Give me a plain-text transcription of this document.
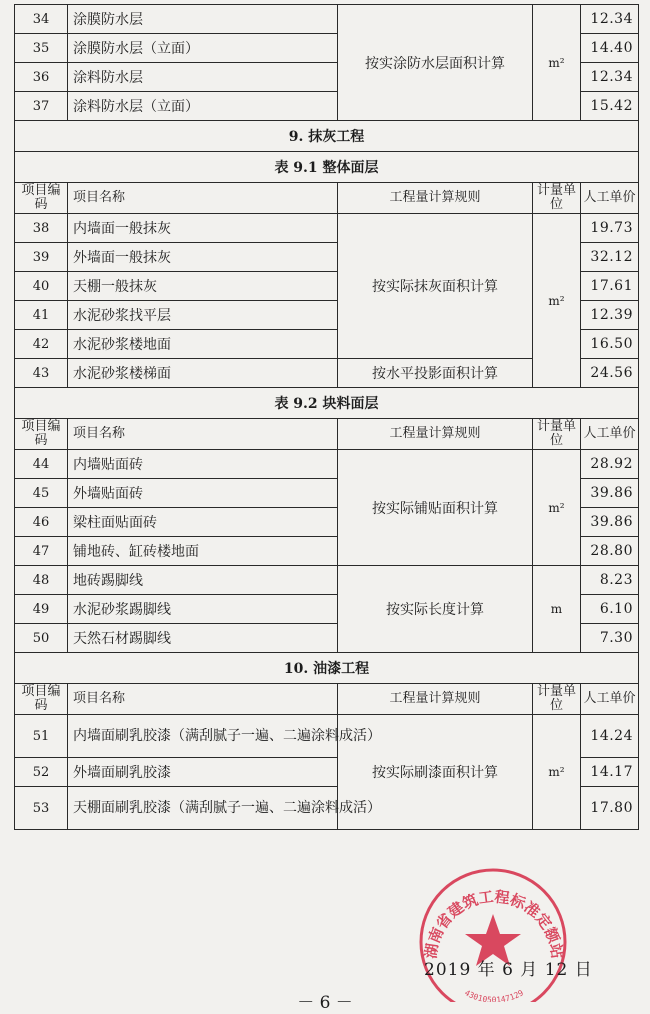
34	涂膜防水层	按实涂防水层面积计算	m²	12.34
35	涂膜防水层（立面）			14.40
36	涂料防水层			12.34
37	涂料防水层（立面）			15.42
9. 抹灰工程				
表 9.1 整体面层				
项目编码	项目名称	工程量计算规则	计量单位	人工单价
38	内墙面一般抹灰	按实际抹灰面积计算	m²	19.73
39	外墙面一般抹灰			32.12
40	天棚一般抹灰			17.61
41	水泥砂浆找平层			12.39
42	水泥砂浆楼地面			16.50
43	水泥砂浆楼梯面	按水平投影面积计算		24.56
表 9.2 块料面层				
项目编码	项目名称	工程量计算规则	计量单位	人工单价
44	内墙贴面砖	按实际铺贴面积计算	m²	28.92
45	外墙贴面砖			39.86
46	梁柱面贴面砖			39.86
47	铺地砖、缸砖楼地面			28.80
48	地砖踢脚线	按实际长度计算	m	8.23
49	水泥砂浆踢脚线			6.10
50	天然石材踢脚线			7.30
10. 油漆工程				
项目编码	项目名称	工程量计算规则	计量单位	人工单价
51	内墙面刷乳胶漆（满刮腻子一遍、二遍涂料成活）	按实际刷漆面积计算	m²	14.24
52	外墙面刷乳胶漆			14.17
53	天棚面刷乳胶漆（满刮腻子一遍、二遍涂料成活）			17.80
湖南省建筑工程标准定额站
4301050147129
2019 年 6 月 12 日
－ 6 －
